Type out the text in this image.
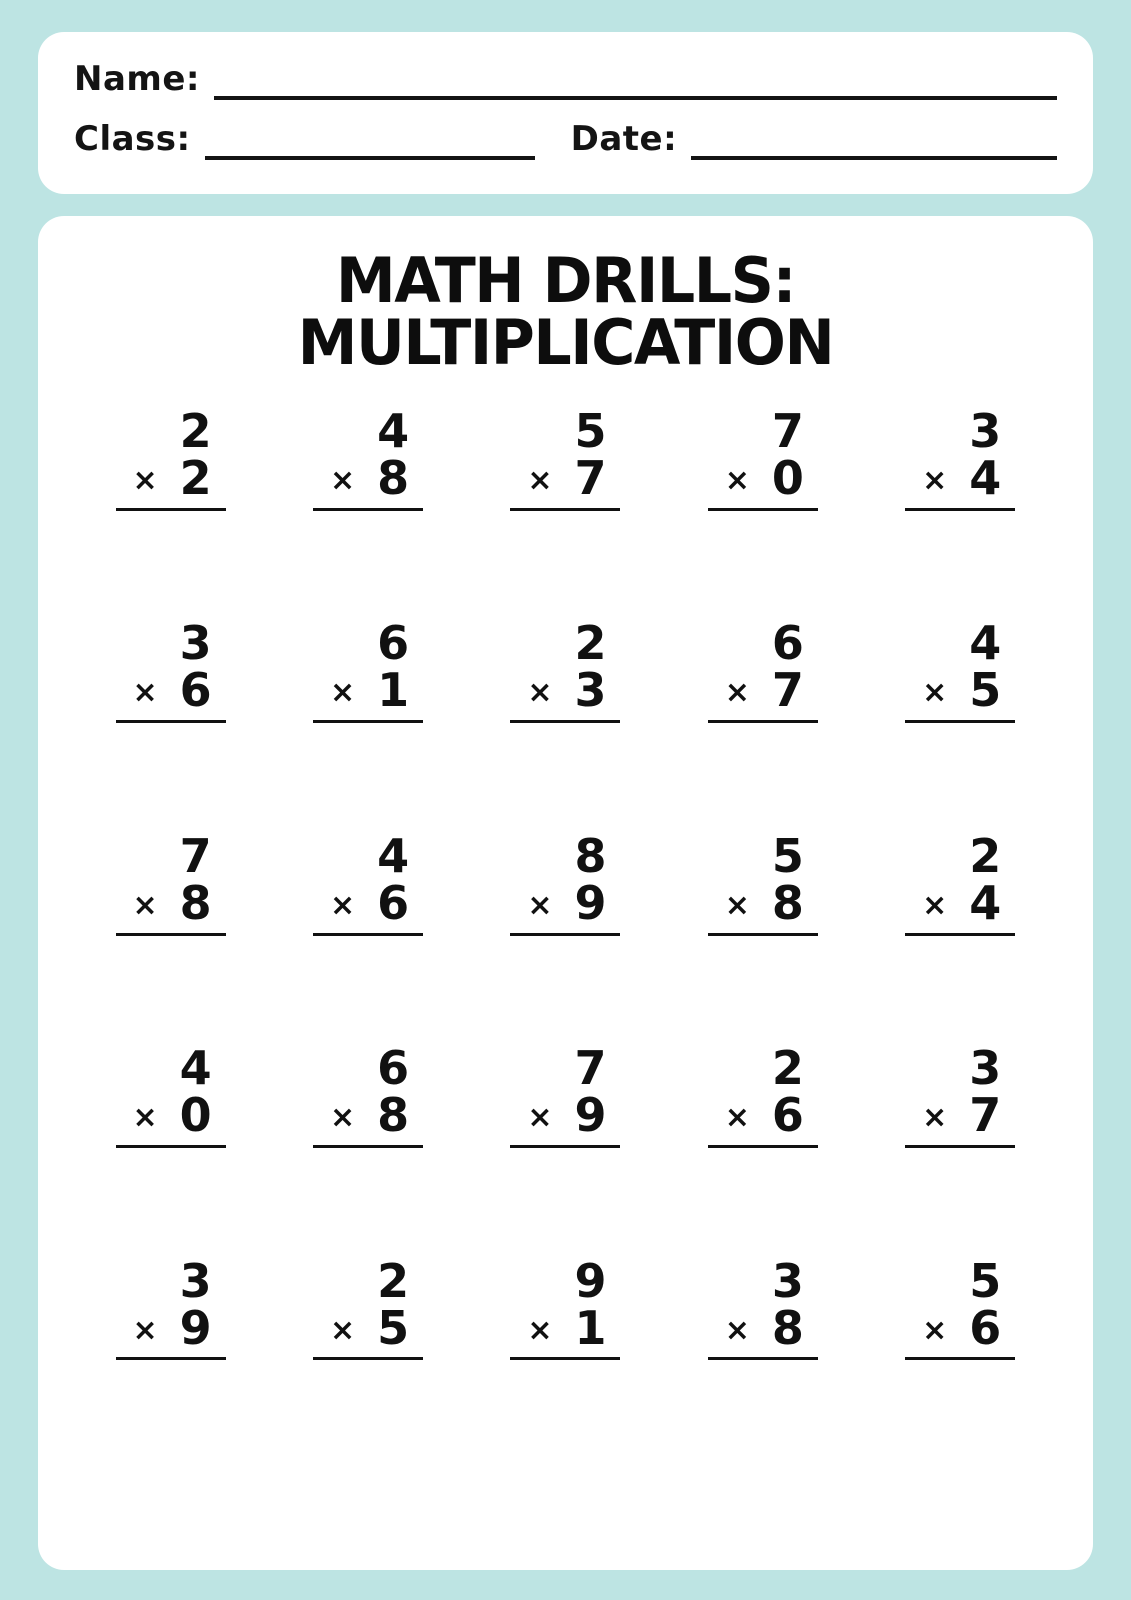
Name:
Class:	Date:
MATH DRILLS: MULTIPLICATION
2
× 2
4
× 8
5
× 7
7
× 0
3
× 4
3
× 6
6
× 1
2
× 3
6
× 7
4
× 5
7
× 8
4
× 6
8
× 9
5
× 8
2
× 4
4
× 0
6
× 8
7
× 9
2
× 6
3
× 7
3
× 9
2
× 5
9
× 1
3
× 8
5
× 6
